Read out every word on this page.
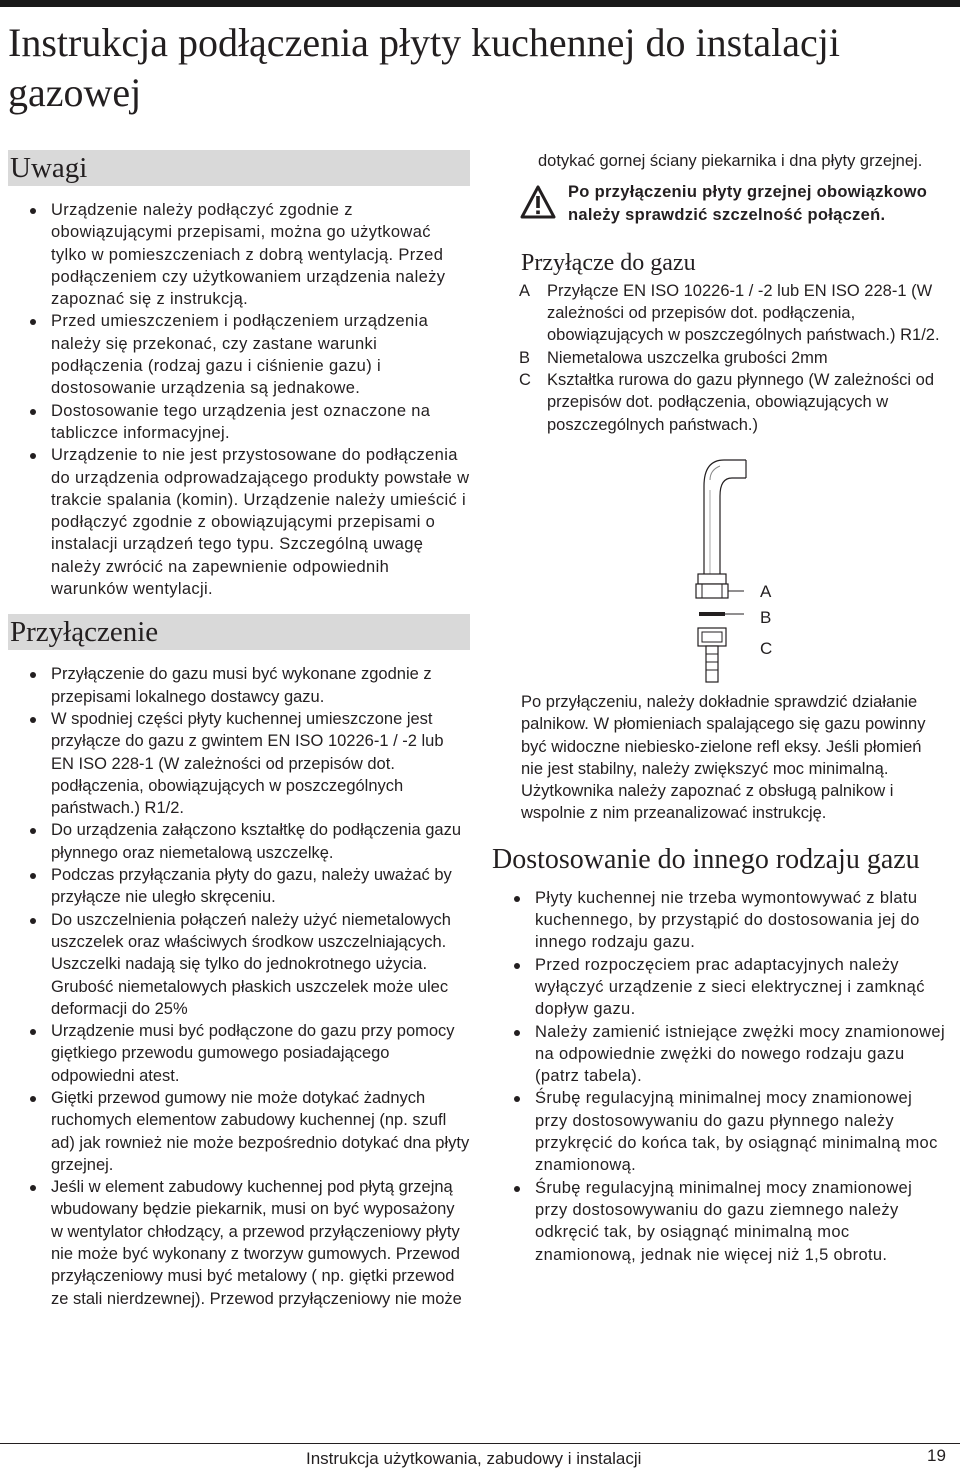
Instrukcja podłączenia płyty kuchennej do instalacji gazowej
Uwagi
Urządzenie należy podłączyć zgodnie z obowiązującymi przepisami, można go użytkować tylko w pomieszczeniach z dobrą wentylacją. Przed podłączeniem czy użytkowaniem urządzenia należy zapoznać się z instrukcją.
Przed umieszczeniem i podłączeniem urządzenia należy się przekonać, czy zastane warunki podłączenia (rodzaj gazu i ciśnienie gazu) i dostosowanie urządzenia są jednakowe.
Dostosowanie tego urządzenia jest oznaczone na tabliczce informacyjnej.
Urządzenie to nie jest przystosowane do podłączenia do urządzenia odprowadzającego produkty powstałe w trakcie spalania (komin). Urządzenie należy umieścić i podłączyć zgodnie z obowiązującymi przepisami o instalacji urządzeń tego typu. Szczególną uwagę należy zwrócić na zapewnienie odpowiednih warunków wentylacji.
Przyłączenie
Przyłączenie do gazu musi być wykonane zgodnie z przepisami lokalnego dostawcy gazu.
W spodniej części płyty kuchennej umieszczone jest przyłącze do gazu z gwintem EN ISO 10226-1 / -2 lub EN ISO 228-1 (W zależności od przepisów dot. podłączenia, obowiązujących w poszczególnych państwach.) R1/2.
Do urządzenia załączono kształtkę do podłączenia gazu płynnego oraz niemetalową uszczelkę.
Podczas przyłączania płyty do gazu, należy uważać by przyłącze nie uległo skręceniu.
Do uszczelnienia połączeń należy użyć niemetalowych uszczelek oraz właściwych środkow uszczelniających. Uszczelki nadają się tylko do jednokrotnego użycia. Grubość niemetalowych płaskich uszczelek może ulec deformacji do 25%
Urządzenie musi być podłączone do gazu przy pomocy giętkiego przewodu gumowego posiadającego odpowiedni atest.
Giętki przewod gumowy nie może dotykać żadnych ruchomych elementow zabudowy kuchennej (np. szufl ad) jak rownież nie może bezpośrednio dotykać dna płyty grzejnej.
Jeśli w element zabudowy kuchennej pod płytą grzejną wbudowany będzie piekarnik, musi on być wyposażony w wentylator chłodzący, a przewod przyłączeniowy płyty nie może być wykonany z tworzyw gumowych. Przewod przyłączeniowy musi być metalowy ( np. giętki przewod ze stali nierdzewnej). Przewod przyłączeniowy nie może

dotykać gornej ściany piekarnika i dna płyty grzejnej.

Po przyłączeniu płyty grzejnej obowiązkowo należy sprawdzić szczelność połączeń.
Przyłącze do gazu
A	Przyłącze EN ISO 10226-1 / -2 lub EN ISO 228-1 (W zależności od przepisów dot. podłączenia, obowiązujących w poszczególnych państwach.) R1/2.
B	Niemetalowa uszczelka grubości 2mm
C Kształtka rurowa do gazu płynnego (W zależności od przepisów dot. podłączenia, obowiązujących w poszczególnych państwach.)
A
B
C

Po przyłączeniu, należy dokładnie sprawdzić działanie palnikow. W płomieniach spalającego się gazu powinny być widoczne niebiesko-zielone refl eksy. Jeśli płomień nie jest stabilny, należy zwiększyć moc minimalną. Użytkownika należy zapoznać z obsługą palnikow i wspolnie z nim przeanalizować instrukcję.

Dostosowanie do innego rodzaju gazu
Płyty kuchennej nie trzeba wymontowywać z blatu kuchennego, by przystąpić do dostosowania jej do innego rodzaju gazu.
Przed rozpoczęciem prac adaptacyjnych należy wyłączyć urządzenie z sieci elektrycznej i zamknąć dopływ gazu.
Należy zamienić istniejące zwężki mocy znamionowej na odpowiednie zwężki do nowego rodzaju gazu (patrz tabela).
Śrubę regulacyjną minimalnej mocy znamionowej przy dostosowywaniu do gazu płynnego należy przykręcić do końca tak, by osiągnąć minimalną moc znamionową.
Śrubę regulacyjną minimalnej mocy znamionowej przy dostosowywaniu do gazu ziemnego należy odkręcić tak, by osiągnąć minimalną moc znamionową, jednak nie więcej niż 1,5 obrotu.
Instrukcja użytkowania, zabudowy i instalacji	19
